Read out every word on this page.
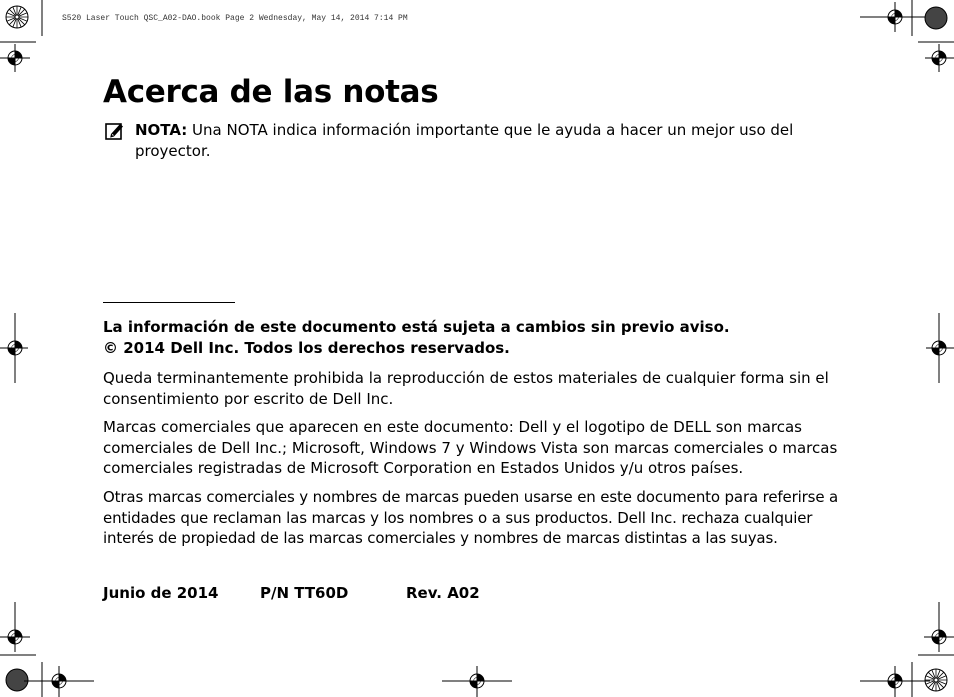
S520 Laser Touch QSC_A02-DAO.book Page 2 Wednesday, May 14, 2014 7:14 PM
Acerca de las notas
NOTA: Una NOTA indica información importante que le ayuda a hacer un mejor uso del proyector.
La información de este documento está sujeta a cambios sin previo aviso.
© 2014 Dell Inc. Todos los derechos reservados.
Queda terminantemente prohibida la reproducción de estos materiales de cualquier forma sin el consentimiento por escrito de Dell Inc.
Marcas comerciales que aparecen en este documento: Dell y el logotipo de DELL son marcas comerciales de Dell Inc.; Microsoft, Windows 7 y Windows Vista son marcas comerciales o marcas comerciales registradas de Microsoft Corporation en Estados Unidos y/u otros países.
Otras marcas comerciales y nombres de marcas pueden usarse en este documento para referirse a entidades que reclaman las marcas y los nombres o a sus productos. Dell Inc. rechaza cualquier interés de propiedad de las marcas comerciales y nombres de marcas distintas a las suyas.
Junio de 2014	P/N TT60D	Rev. A02
